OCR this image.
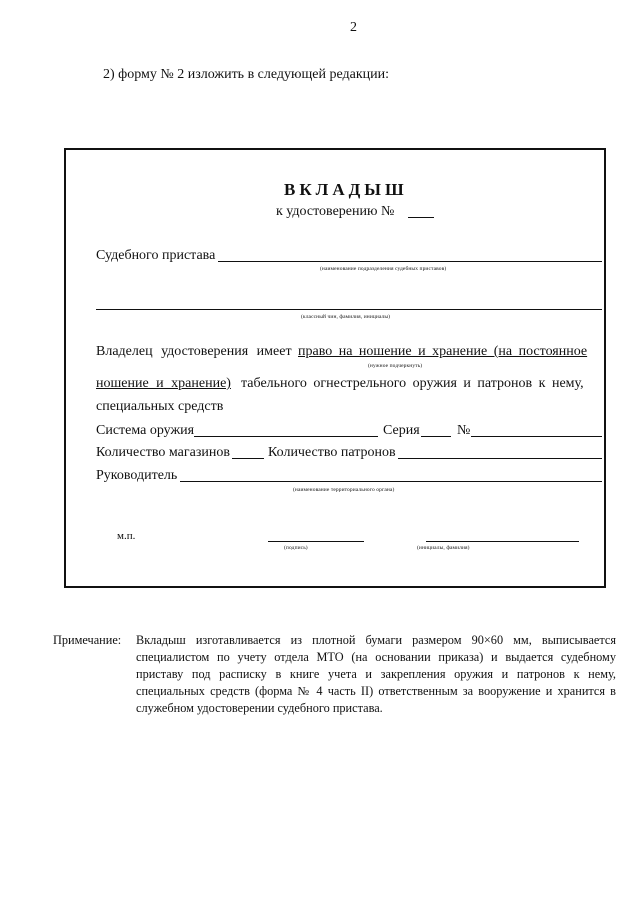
2
2) форму № 2 изложить в следующей редакции:
ВКЛАДЫШ
к удостоверению №
Судебного пристава
(наименование подразделения судебных приставов)
(классный чин, фамилия, инициалы)
Владелец удостоверения имеет право на ношение и хранение (на постоянное
(нужное подчеркнуть)
ношение и хранение) табельного огнестрельного оружия и патронов к нему,
специальных средств
Система оружия	Серия	№
Количество магазинов	Количество патронов
Руководитель
(наименование территориального органа)
м.п.
(подпись)	(инициалы, фамилия)
Примечание: Вкладыш изготавливается из плотной бумаги размером 90×60 мм, выписывается специалистом по учету отдела МТО (на основании приказа) и выдается судебному приставу под расписку в книге учета и закрепления оружия и патронов к нему, специальных средств (форма № 4 часть II) ответственным за вооружение и хранится в служебном удостоверении судебного пристава.
